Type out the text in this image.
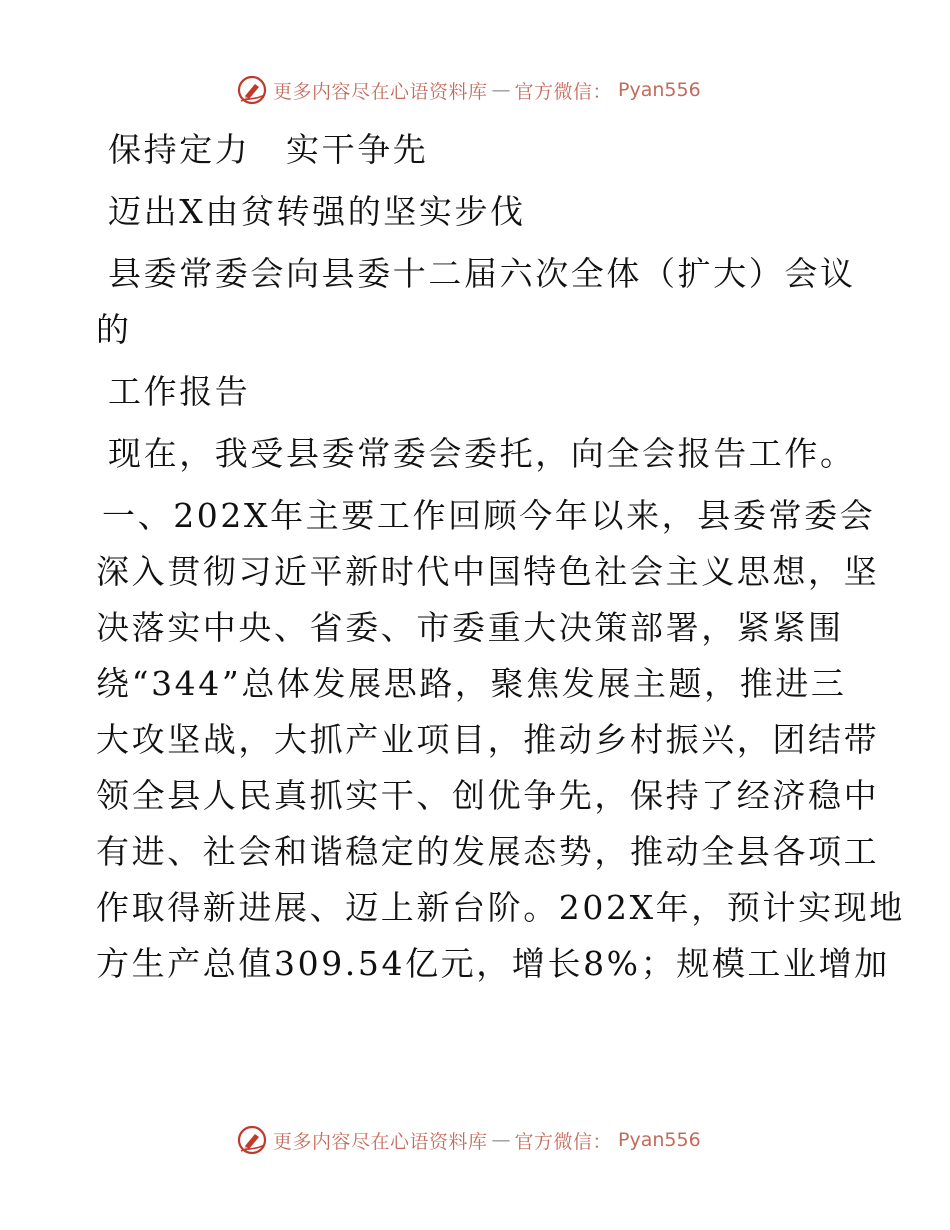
更多内容尽在心语资料库 — 官方微信： Pyan556
保持定力　实干争先
迈出X由贫转强的坚实步伐
县委常委会向县委十二届六次全体（扩大）会议
的
工作报告
现在，我受县委常委会委托，向全会报告工作。
一、202X年主要工作回顾今年以来，县委常委会
深入贯彻习近平新时代中国特色社会主义思想，坚
决落实中央、省委、市委重大决策部署，紧紧围
绕“344”总体发展思路，聚焦发展主题，推进三
大攻坚战，大抓产业项目，推动乡村振兴，团结带
领全县人民真抓实干、创优争先，保持了经济稳中
有进、社会和谐稳定的发展态势，推动全县各项工
作取得新进展、迈上新台阶。202X年，预计实现地
方生产总值309.54亿元，增长8%；规模工业增加
更多内容尽在心语资料库 — 官方微信： Pyan556
